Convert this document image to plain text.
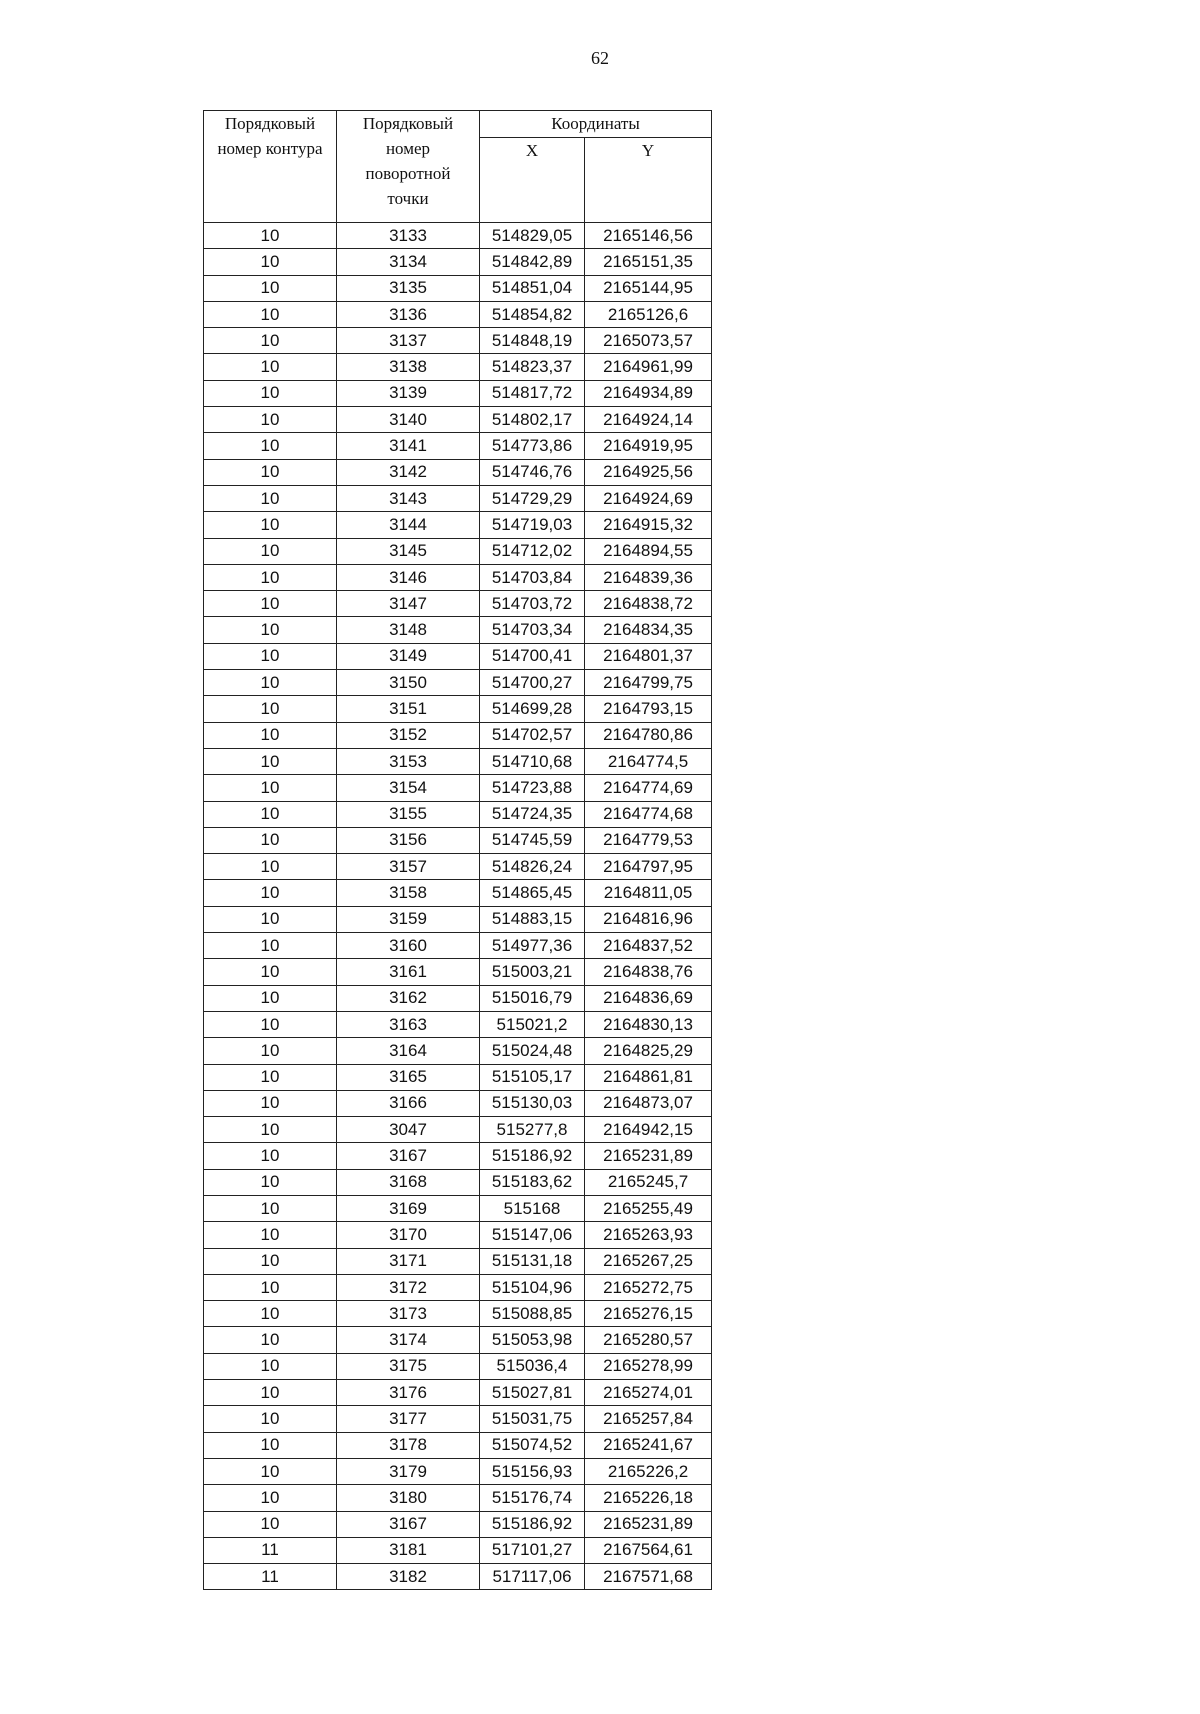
62
Порядковый номер контура	Порядковый номер поворотной точки	Координаты	
		X	Y
10	3133	514829,05	2165146,56
10	3134	514842,89	2165151,35
10	3135	514851,04	2165144,95
10	3136	514854,82	2165126,6
10	3137	514848,19	2165073,57
10	3138	514823,37	2164961,99
10	3139	514817,72	2164934,89
10	3140	514802,17	2164924,14
10	3141	514773,86	2164919,95
10	3142	514746,76	2164925,56
10	3143	514729,29	2164924,69
10	3144	514719,03	2164915,32
10	3145	514712,02	2164894,55
10	3146	514703,84	2164839,36
10	3147	514703,72	2164838,72
10	3148	514703,34	2164834,35
10	3149	514700,41	2164801,37
10	3150	514700,27	2164799,75
10	3151	514699,28	2164793,15
10	3152	514702,57	2164780,86
10	3153	514710,68	2164774,5
10	3154	514723,88	2164774,69
10	3155	514724,35	2164774,68
10	3156	514745,59	2164779,53
10	3157	514826,24	2164797,95
10	3158	514865,45	2164811,05
10	3159	514883,15	2164816,96
10	3160	514977,36	2164837,52
10	3161	515003,21	2164838,76
10	3162	515016,79	2164836,69
10	3163	515021,2	2164830,13
10	3164	515024,48	2164825,29
10	3165	515105,17	2164861,81
10	3166	515130,03	2164873,07
10	3047	515277,8	2164942,15
10	3167	515186,92	2165231,89
10	3168	515183,62	2165245,7
10	3169	515168	2165255,49
10	3170	515147,06	2165263,93
10	3171	515131,18	2165267,25
10	3172	515104,96	2165272,75
10	3173	515088,85	2165276,15
10	3174	515053,98	2165280,57
10	3175	515036,4	2165278,99
10	3176	515027,81	2165274,01
10	3177	515031,75	2165257,84
10	3178	515074,52	2165241,67
10	3179	515156,93	2165226,2
10	3180	515176,74	2165226,18
10	3167	515186,92	2165231,89
11	3181	517101,27	2167564,61
11	3182	517117,06	2167571,68
